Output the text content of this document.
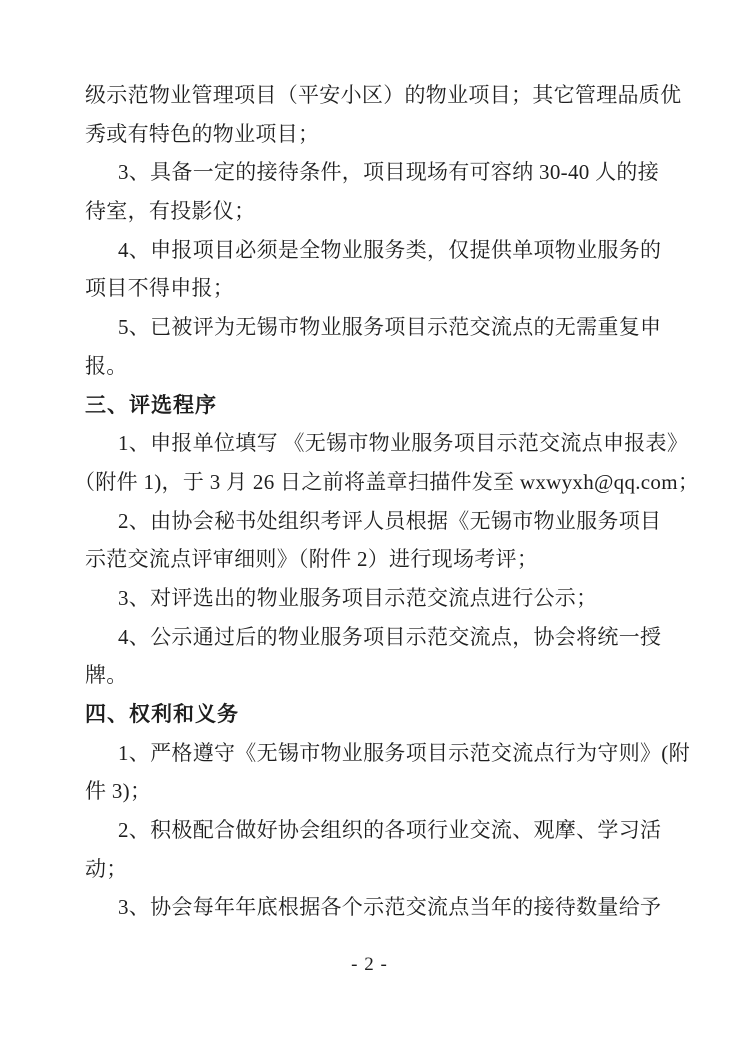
级示范物业管理项目（平安小区）的物业项目；其它管理品质优
秀或有特色的物业项目；
3、具备一定的接待条件，项目现场有可容纳 30-40 人的接
待室，有投影仪；
4、申报项目必须是全物业服务类，仅提供单项物业服务的
项目不得申报；
5、已被评为无锡市物业服务项目示范交流点的无需重复申
报。
三、评选程序
1、申报单位填写 《无锡市物业服务项目示范交流点申报表》
（附件 1)，于 3 月 26 日之前将盖章扫描件发至 wxwyxh@qq.com；
2、由协会秘书处组织考评人员根据《无锡市物业服务项目
示范交流点评审细则》（附件 2）进行现场考评；
3、对评选出的物业服务项目示范交流点进行公示；
4、公示通过后的物业服务项目示范交流点，协会将统一授
牌。
四、权利和义务
1、严格遵守《无锡市物业服务项目示范交流点行为守则》(附
件 3)；
2、积极配合做好协会组织的各项行业交流、观摩、学习活
动；
3、协会每年年底根据各个示范交流点当年的接待数量给予
- 2 -
